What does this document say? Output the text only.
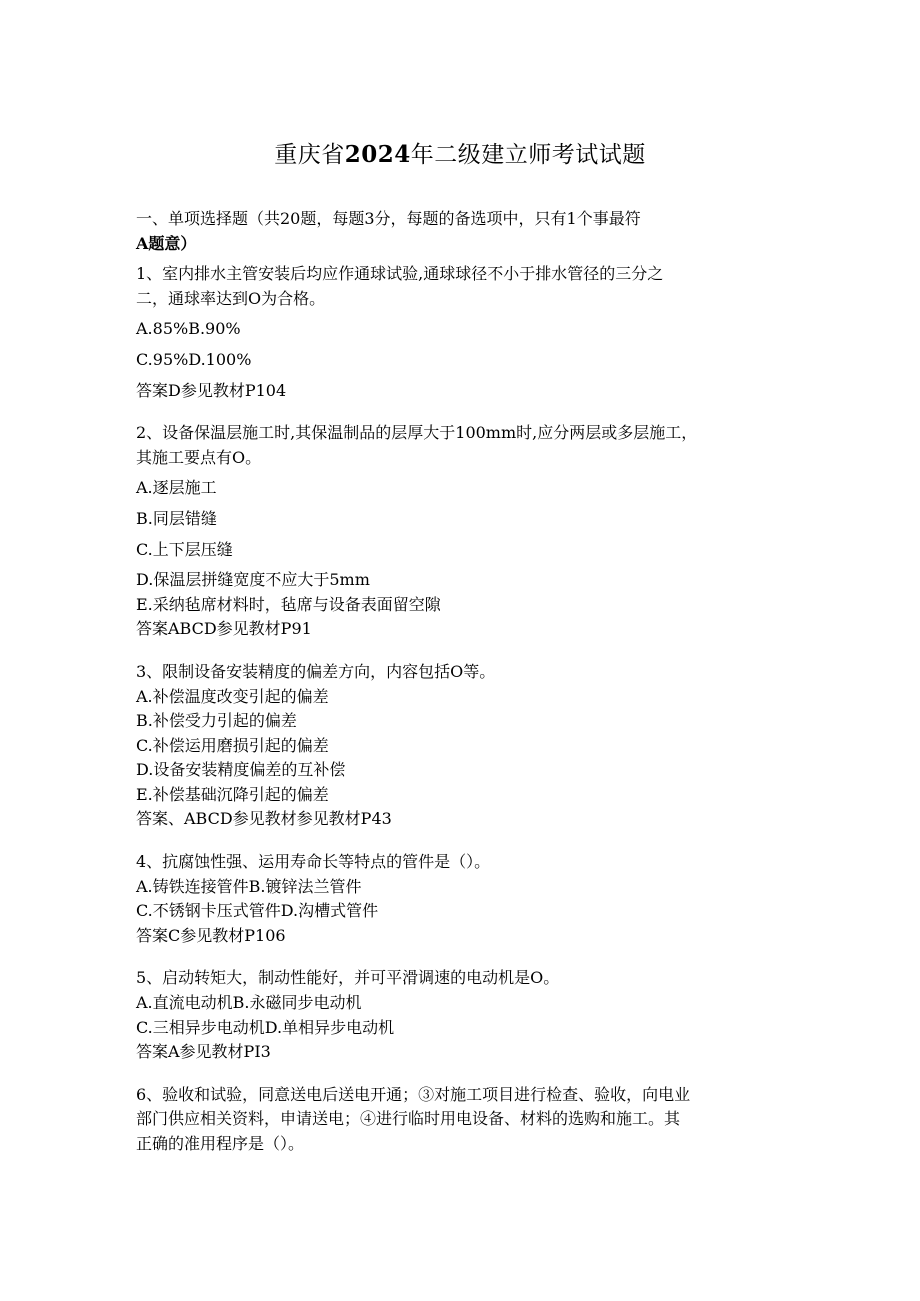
重庆省2024年二级建立师考试试题
一、单项选择题（共20题，每题3分，每题的备选项中，只有1个事最符
A题意）
1、室内排水主管安装后均应作通球试验,通球球径不小于排水管径的三分之
二，通球率达到O为合格。
A.85%B.90%
C.95%D.100%
答案D参见教材P104
2、设备保温层施工时,其保温制品的层厚大于100mm时,应分两层或多层施工，
其施工要点有O。
A.逐层施工
B.同层错缝
C.上下层压缝
D.保温层拼缝宽度不应大于5mm
E.采纳毡席材料时，毡席与设备表面留空隙
答案ABCD参见教材P91
3、限制设备安装精度的偏差方向，内容包括O等。
A.补偿温度改变引起的偏差
B.补偿受力引起的偏差
C.补偿运用磨损引起的偏差
D.设备安装精度偏差的互补偿
E.补偿基础沉降引起的偏差
答案、ABCD参见教材参见教材P43
4、抗腐蚀性强、运用寿命长等特点的管件是（）。
A.铸铁连接管件B.镀锌法兰管件
C.不锈钢卡压式管件D.沟槽式管件
答案C参见教材P106
5、启动转矩大，制动性能好，并可平滑调速的电动机是O。
A.直流电动机B.永磁同步电动机
C.三相异步电动机D.单相异步电动机
答案A参见教材PI3
6、验收和试验，同意送电后送电开通；③对施工项目进行检查、验收，向电业
部门供应相关资料，申请送电；④进行临时用电设备、材料的选购和施工。其
正确的准用程序是（）。
